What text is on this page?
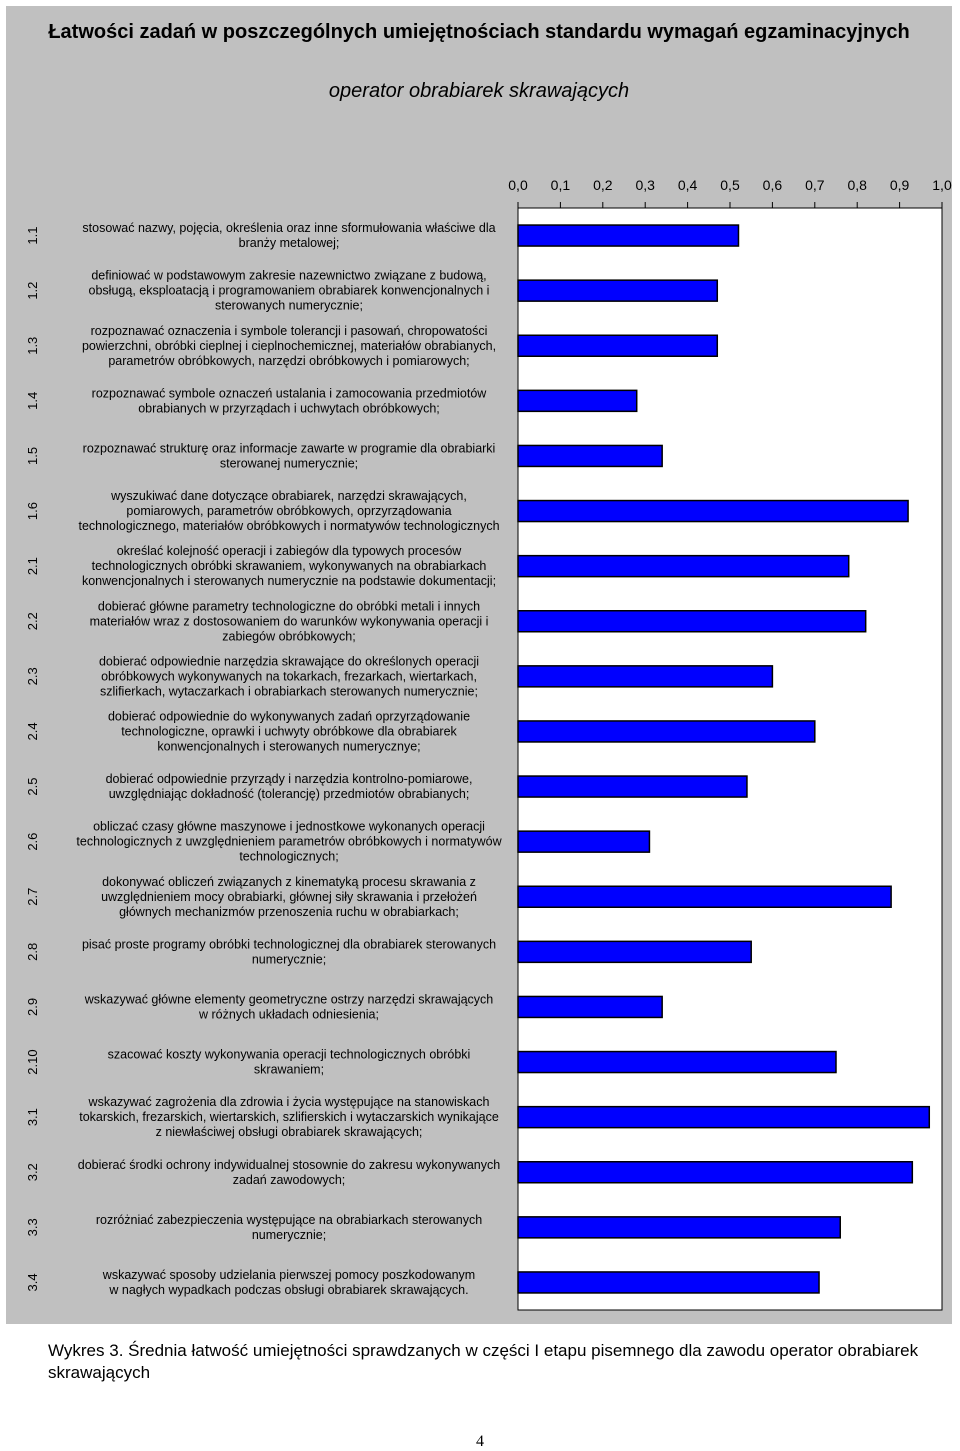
Łatwości zadań w poszczególnych umiejętnościach standardu wymagań egzaminacyjnych
operator obrabiarek skrawających
0,0 0,1 0,2 0,3 0,4 0,5 0,6 0,7 0,8 0,9 1,0
1.1	stosować nazwy, pojęcia, określenia oraz inne sformułowania właściwe dla
branży metalowej;
1.2
definiować w podstawowym zakresie nazewnictwo związane z budową,
obsługą, eksploatacją i programowaniem obrabiarek konwencjonalnych i
sterowanych numerycznie;
1.3
rozpoznawać oznaczenia i symbole tolerancji i pasowań, chropowatości
powierzchni, obróbki cieplnej i cieplnochemicznej, materiałów obrabianych,
parametrów obróbkowych, narzędzi obróbkowych i pomiarowych;
1.4	rozpoznawać symbole oznaczeń ustalania i zamocowania przedmiotów
obrabianych w przyrządach i uchwytach obróbkowych;
1.5	rozpoznawać strukturę oraz informacje zawarte w programie dla obrabiarki
sterowanej numerycznie;
1.6
wyszukiwać dane dotyczące obrabiarek, narzędzi skrawających,
pomiarowych, parametrów obróbkowych, oprzyrządowania
technologicznego, materiałów obróbkowych i normatywów technologicznych
2.1
określać kolejność operacji i zabiegów dla typowych procesów
technologicznych obróbki skrawaniem, wykonywanych na obrabiarkach
konwencjonalnych i sterowanych numerycznie na podstawie dokumentacji;
2.2
dobierać główne parametry technologiczne do obróbki metali i innych
materiałów wraz z dostosowaniem do warunków wykonywania operacji i
zabiegów obróbkowych;
2.3
dobierać odpowiednie narzędzia skrawające do określonych operacji
obróbkowych wykonywanych na tokarkach, frezarkach, wiertarkach,
szlifierkach, wytaczarkach i obrabiarkach sterowanych numerycznie;
2.4
dobierać odpowiednie do wykonywanych zadań oprzyrządowanie
technologiczne, oprawki i uchwyty obróbkowe dla obrabiarek
konwencjonalnych i sterowanych numerycznye;
2.5	dobierać odpowiednie przyrządy i narzędzia kontrolno-pomiarowe,
uwzględniając dokładność (tolerancję) przedmiotów obrabianych;
2.6
obliczać czasy główne maszynowe i jednostkowe wykonanych operacji
technologicznych z uwzględnieniem parametrów obróbkowych i normatywów
technologicznych;
2.7
dokonywać obliczeń związanych z kinematyką procesu skrawania z
uwzględnieniem mocy obrabiarki, głównej siły skrawania i przełożeń
głównych mechanizmów przenoszenia ruchu w obrabiarkach;
2.8	pisać proste programy obróbki technologicznej dla obrabiarek sterowanych
numerycznie;
2.9	wskazywać główne elementy geometryczne ostrzy narzędzi skrawających
w różnych układach odniesienia;
2.10	szacować koszty wykonywania operacji technologicznych obróbki
skrawaniem;
3.1
wskazywać zagrożenia dla zdrowia i życia występujące na stanowiskach
tokarskich, frezarskich, wiertarskich, szlifierskich i wytaczarskich wynikające
z niewłaściwej obsługi obrabiarek skrawających;
3.2	dobierać środki ochrony indywidualnej stosownie do zakresu wykonywanych
zadań zawodowych;
3.3	rozróżniać zabezpieczenia występujące na obrabiarkach sterowanych
numerycznie;
3.4	wskazywać sposoby udzielania pierwszej pomocy poszkodowanym
w nagłych wypadkach podczas obsługi obrabiarek skrawających.
Wykres 3. Średnia łatwość umiejętności sprawdzanych w części I etapu pisemnego dla zawodu operator obrabiarek skrawających
4
